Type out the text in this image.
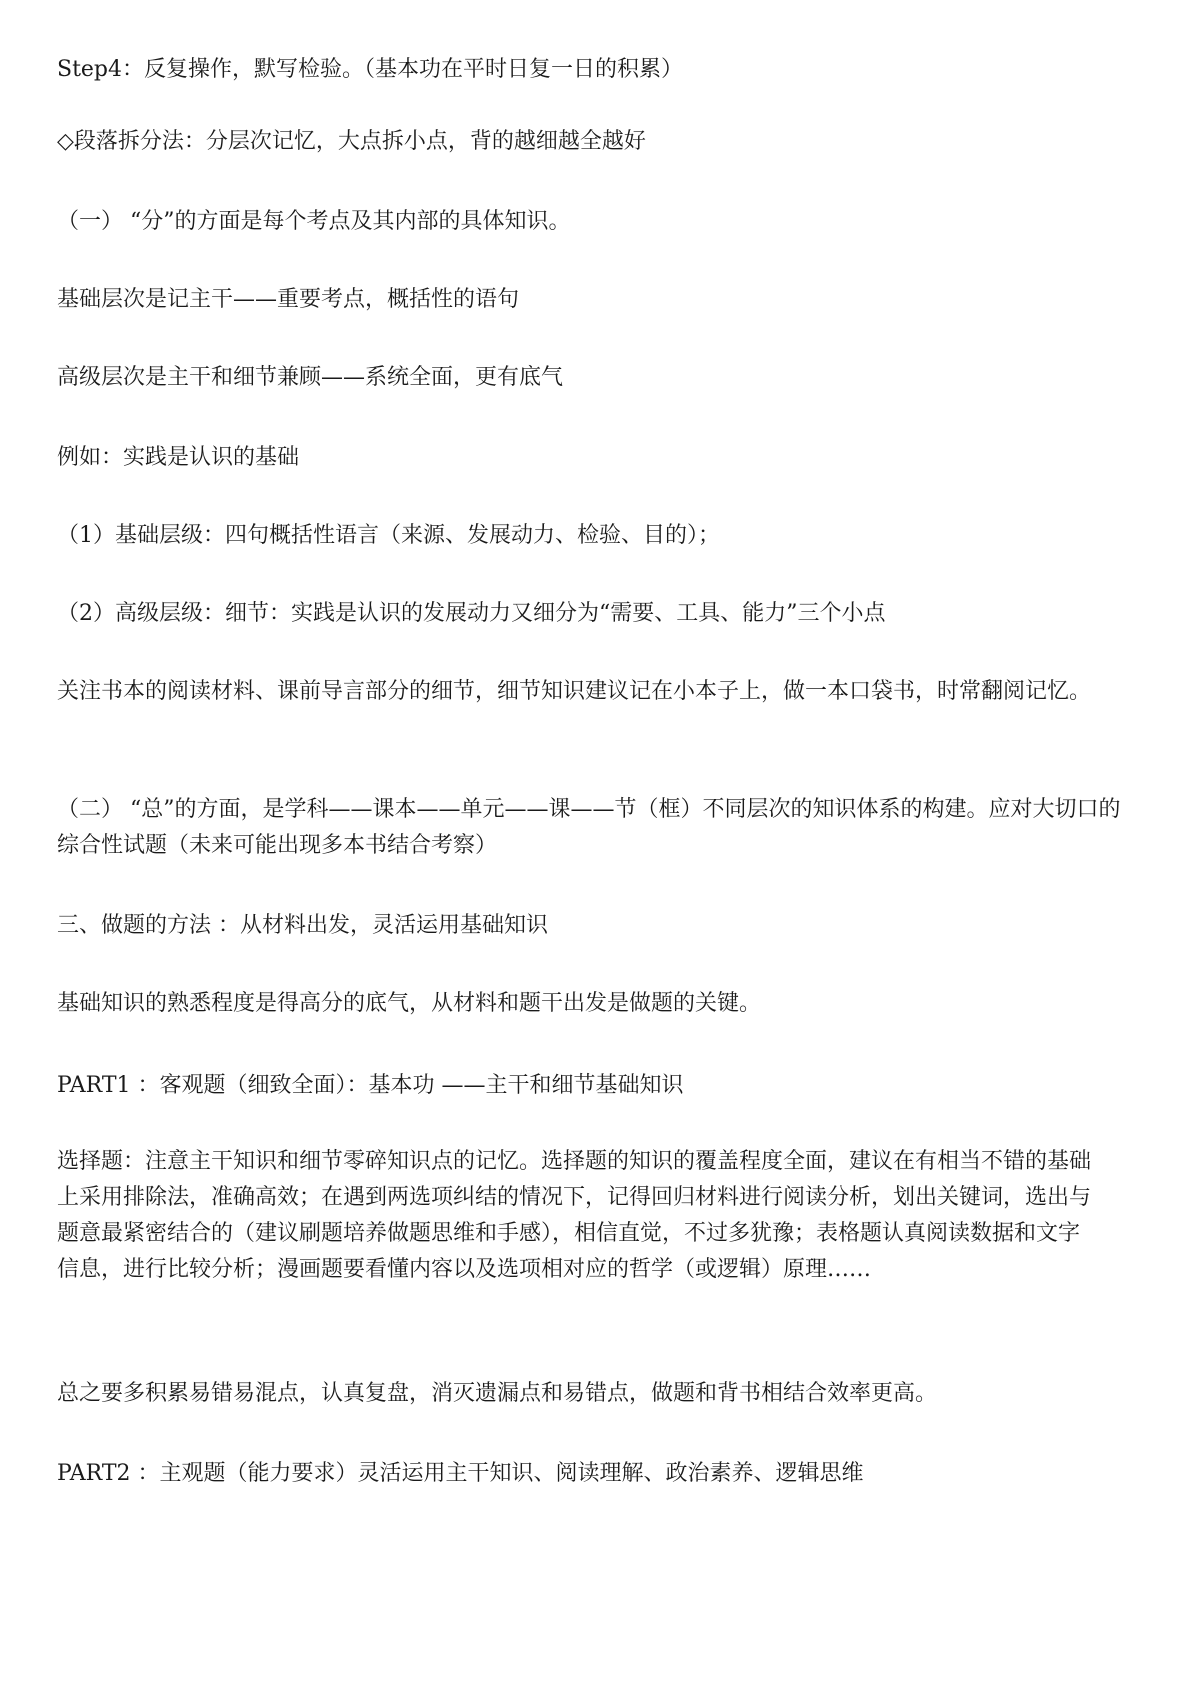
Step4：反复操作，默写检验。（基本功在平时日复一日的积累）
◇段落拆分法：分层次记忆，大点拆小点，背的越细越全越好
（一） “分”的方面是每个考点及其内部的具体知识。
基础层次是记主干——重要考点，概括性的语句
高级层次是主干和细节兼顾——系统全面，更有底气
例如：实践是认识的基础
（1）基础层级：四句概括性语言（来源、发展动力、检验、目的）；
（2）高级层级：细节：实践是认识的发展动力又细分为“需要、工具、能力”三个小点
关注书本的阅读材料、课前导言部分的细节，细节知识建议记在小本子上，做一本口袋书，时常翻阅记忆。
（二） “总”的方面，是学科——课本——单元——课——节（框）不同层次的知识体系的构建。应对大切口的综合性试题（未来可能出现多本书结合考察）
三、做题的方法 ：从材料出发，灵活运用基础知识
基础知识的熟悉程度是得高分的底气，从材料和题干出发是做题的关键。
PART1 ：客观题（细致全面）：基本功 ——主干和细节基础知识
选择题：注意主干知识和细节零碎知识点的记忆。选择题的知识的覆盖程度全面，建议在有相当不错的基础上采用排除法，准确高效；在遇到两选项纠结的情况下，记得回归材料进行阅读分析，划出关键词，选出与题意最紧密结合的（建议刷题培养做题思维和手感），相信直觉，不过多犹豫；表格题认真阅读数据和文字信息，进行比较分析；漫画题要看懂内容以及选项相对应的哲学（或逻辑）原理……
总之要多积累易错易混点，认真复盘，消灭遗漏点和易错点，做题和背书相结合效率更高。
PART2 ：主观题（能力要求）灵活运用主干知识、阅读理解、政治素养、逻辑思维
